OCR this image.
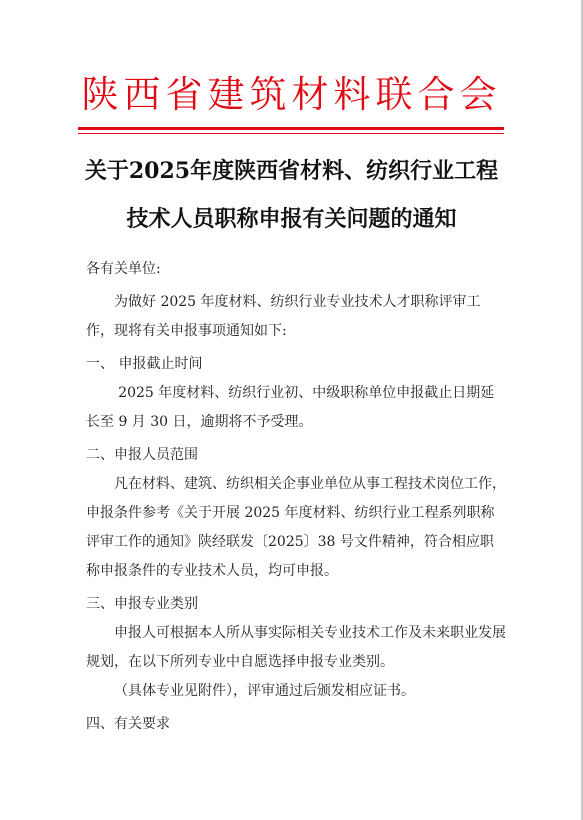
陕西省建筑材料联合会
关于2025年度陕西省材料、纺织行业工程
技术人员职称申报有关问题的通知

各有关单位:

为做好 2025 年度材料、纺织行业专业技术人才职称评审工作，现将有关申报事项通知如下:

一、 申报截止时间

2025 年度材料、纺织行业初、中级职称单位申报截止日期延长至 9 月 30 日，逾期将不予受理。

二、申报人员范围

凡在材料、建筑、纺织相关企事业单位从事工程技术岗位工作，申报条件参考《关于开展 2025 年度材料、纺织行业工程系列职称评审工作的通知》陕经联发〔2025〕38 号文件精神，符合相应职称申报条件的专业技术人员，均可申报。

三、申报专业类别

申报人可根据本人所从事实际相关专业技术工作及未来职业发展规划，在以下所列专业中自愿选择申报专业类别。

（具体专业见附件），评审通过后颁发相应证书。

四、有关要求
